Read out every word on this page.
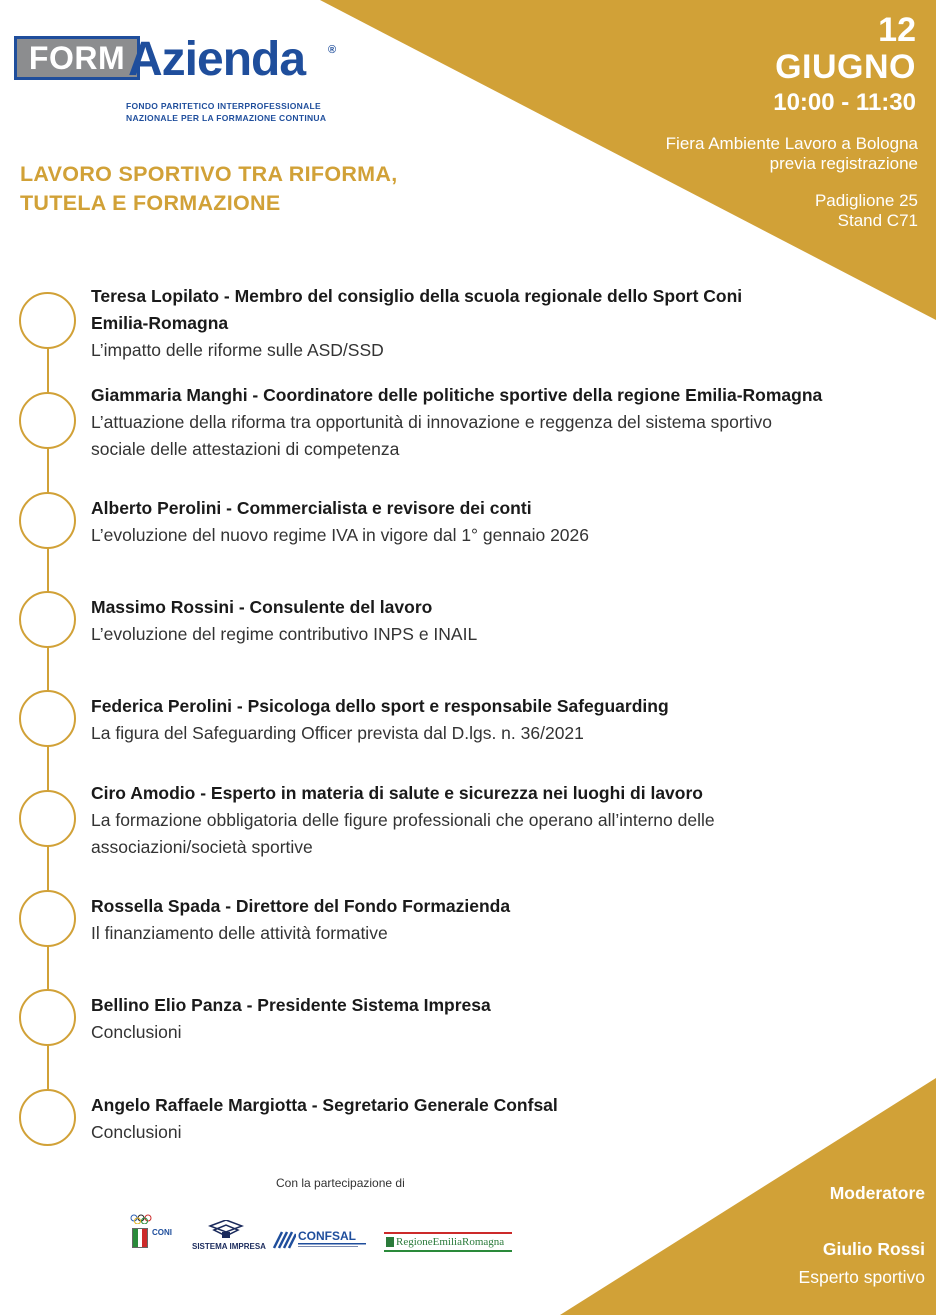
FORM Azienda ®
FONDO PARITETICO INTERPROFESSIONALE
NAZIONALE PER LA FORMAZIONE CONTINUA
LAVORO SPORTIVO TRA RIFORMA,
TUTELA E FORMAZIONE
12
GIUGNO
10:00 - 11:30
Fiera Ambiente Lavoro a Bologna
previa registrazione
Padiglione 25
Stand C71
Teresa Lopilato - Membro del consiglio della scuola regionale dello Sport Coni
Emilia-Romagna
L’impatto delle riforme sulle ASD/SSD
Giammaria Manghi - Coordinatore delle politiche sportive della regione Emilia-Romagna
L’attuazione della riforma tra opportunità di innovazione e reggenza del sistema sportivo
sociale delle attestazioni di competenza
Alberto Perolini - Commercialista e revisore dei conti
L’evoluzione del nuovo regime IVA in vigore dal 1° gennaio 2026
Massimo Rossini - Consulente del lavoro
L’evoluzione del regime contributivo INPS e INAIL
Federica Perolini - Psicologa dello sport e responsabile Safeguarding
La figura del Safeguarding Officer prevista dal D.lgs. n. 36/2021
Ciro Amodio - Esperto in materia di salute e sicurezza nei luoghi di lavoro
La formazione obbligatoria delle figure professionali che operano all’interno delle
associazioni/società sportive
Rossella Spada - Direttore del Fondo Formazienda
Il finanziamento delle attività formative
Bellino Elio Panza - Presidente Sistema Impresa
Conclusioni
Angelo Raffaele Margiotta - Segretario Generale Confsal
Conclusioni
Con la partecipazione di
CONI
SISTEMA IMPRESA
CONFSAL	RegioneEmiliaRomagna
Moderatore
Giulio Rossi
Esperto sportivo
